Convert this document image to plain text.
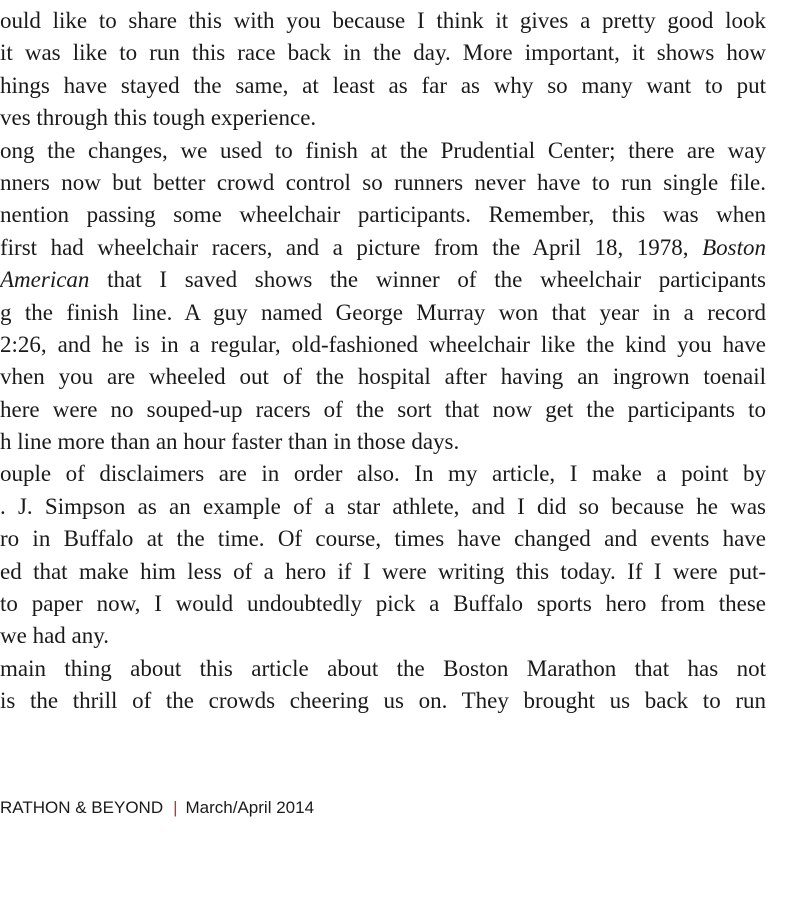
ould like to share this with you because I think it gives a pretty good look
it was like to run this race back in the day. More important, it shows how
hings have stayed the same, at least as far as why so many want to put
ves through this tough experience.
ong the changes, we used to finish at the Prudential Center; there are way
nners now but better crowd control so runners never have to run single file.
nention passing some wheelchair participants. Remember, this was when
first had wheelchair racers, and a picture from the April 18, 1978, Boston
American that I saved shows the winner of the wheelchair participants
g the finish line. A guy named George Murray won that year in a record
2:26, and he is in a regular, old-fashioned wheelchair like the kind you have
vhen you are wheeled out of the hospital after having an ingrown toenail
here were no souped-up racers of the sort that now get the participants to
h line more than an hour faster than in those days.
ouple of disclaimers are in order also. In my article, I make a point by
. J. Simpson as an example of a star athlete, and I did so because he was
ro in Buffalo at the time. Of course, times have changed and events have
ed that make him less of a hero if I were writing this today. If I were put-
to paper now, I would undoubtedly pick a Buffalo sports hero from these
we had any.
main thing about this article about the Boston Marathon that has not
is the thrill of the crowds cheering us on. They brought us back to run
RATHON & BEYOND | March/April 2014
